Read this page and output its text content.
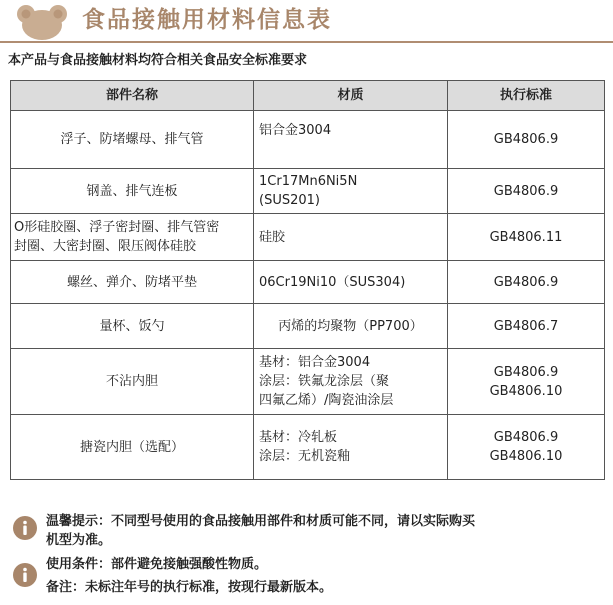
食品接触用材料信息表
本产品与食品接触材料均符合相关食品安全标准要求
部件名称	材质	执行标准

浮子、防堵螺母、排气管	铝合金3004	GB4806.9

钢盖、排气连板	1Cr17Mn6Ni5N
(SUS201)	GB4806.9

O形硅胶圈、浮子密封圈、排气管密
封圈、大密封圈、限压阀体硅胶	硅胶	GB4806.11

螺丝、弹介、防堵平垫	06Cr19Ni10（SUS304)	GB4806.9

量杯、饭勺	丙烯的均聚物（PP700）	GB4806.7

不沾内胆	基材：铝合金3004
涂层：铁氟龙涂层（聚
四氟乙烯）/陶瓷油涂层	GB4806.9
GB4806.10

搪瓷内胆（选配）	基材：冷轧板
涂层：无机瓷釉	GB4806.9
GB4806.10
温馨提示：不同型号使用的食品接触用部件和材质可能不同，请以实际购买
机型为准。
使用条件：部件避免接触强酸性物质。
备注：未标注年号的执行标准，按现行最新版本。
